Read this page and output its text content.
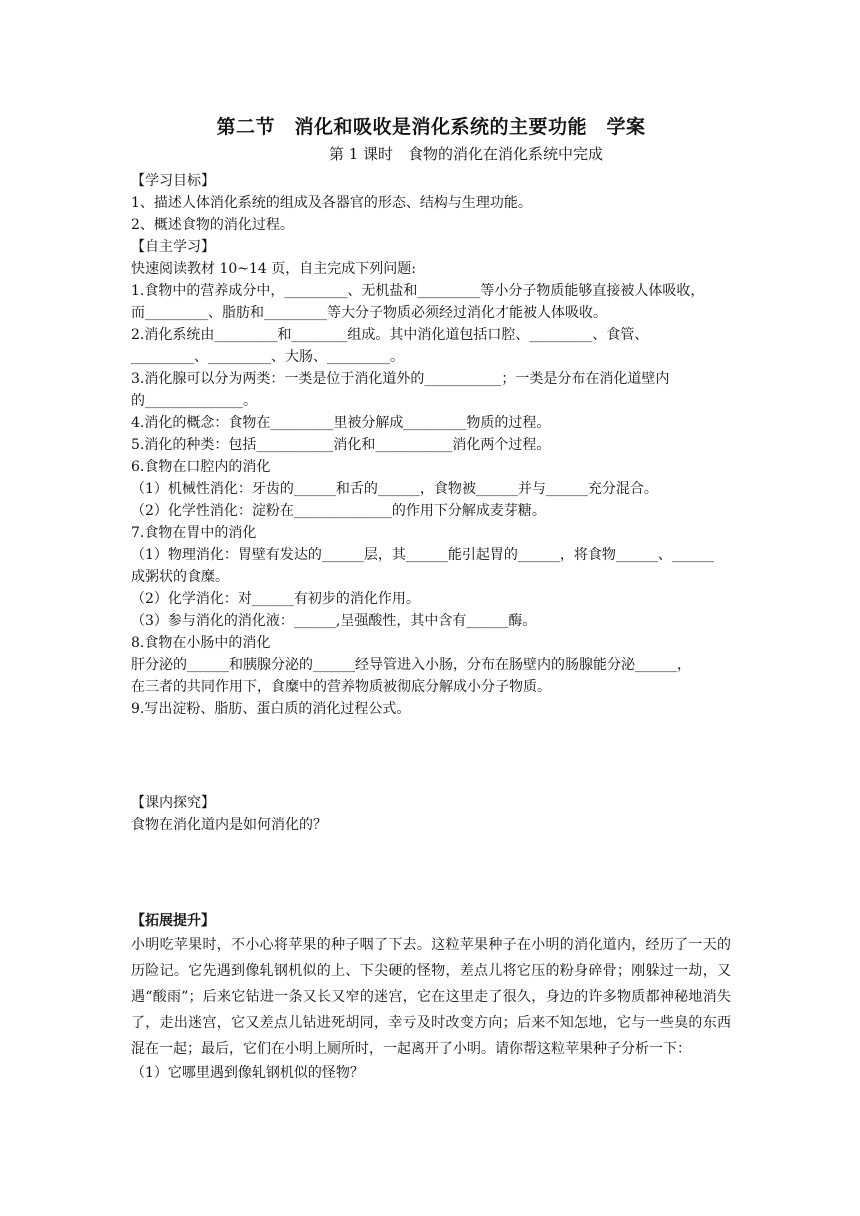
第二节　消化和吸收是消化系统的主要功能　学案

第 1 课时　食物的消化在消化系统中完成

【学习目标】

1、描述人体消化系统的组成及各器官的形态、结构与生理功能。

2、概述食物的消化过程。

【自主学习】

快速阅读教材 10~14 页，自主完成下列问题:

1.食物中的营养成分中，_________、无机盐和_________等小分子物质能够直接被人体吸收，

而_________、脂肪和_________等大分子物质必须经过消化才能被人体吸收。

2.消化系统由_________和________组成。其中消化道包括口腔、_________、食管、

_________、_________、大肠、_________。

3.消化腺可以分为两类：一类是位于消化道外的___________；一类是分布在消化道壁内

的______________。

4.消化的概念：食物在_________里被分解成_________物质的过程。

5.消化的种类：包括___________消化和___________消化两个过程。

6.食物在口腔内的消化

（1）机械性消化：牙齿的______和舌的______，食物被______并与______充分混合。

（2）化学性消化：淀粉在______________的作用下分解成麦芽糖。

7.食物在胃中的消化

（1）物理消化：胃壁有发达的______层，其______能引起胃的______，将食物______、______

成粥状的食糜。

（2）化学消化：对______有初步的消化作用。

（3）参与消化的消化液：______,呈强酸性，其中含有______酶。

8.食物在小肠中的消化

肝分泌的______和胰腺分泌的______经导管进入小肠，分布在肠壁内的肠腺能分泌______，

在三者的共同作用下，食糜中的营养物质被彻底分解成小分子物质。

9.写出淀粉、脂肪、蛋白质的消化过程公式。

【课内探究】

食物在消化道内是如何消化的？

【拓展提升】

小明吃苹果时，不小心将苹果的种子咽了下去。这粒苹果种子在小明的消化道内，经历了一天的历险记。它先遇到像轧钢机似的上、下尖硬的怪物，差点儿将它压的粉身碎骨；刚躲过一劫，又遇“酸雨”；后来它钻进一条又长又窄的迷宫，它在这里走了很久，身边的许多物质都神秘地消失了，走出迷宫，它又差点儿钻进死胡同，幸亏及时改变方向；后来不知怎地，它与一些臭的东西混在一起；最后，它们在小明上厕所时，一起离开了小明。请你帮这粒苹果种子分析一下：

（1）它哪里遇到像轧钢机似的怪物？
